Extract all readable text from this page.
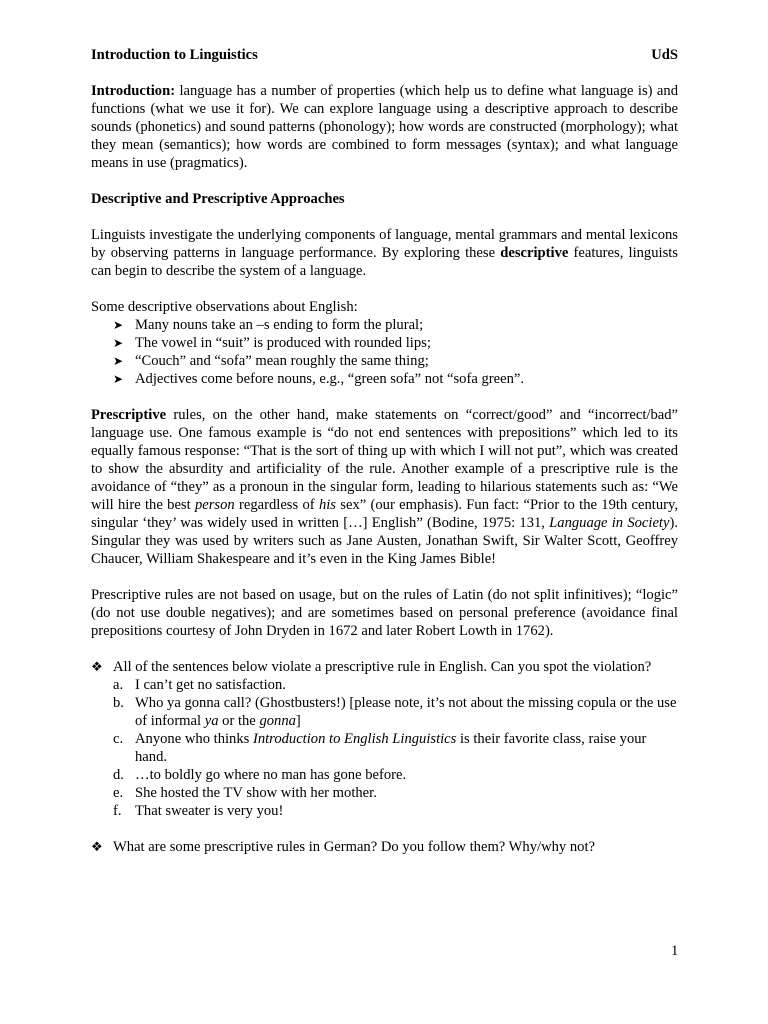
Introduction to Linguistics	UdS

Introduction: language has a number of properties (which help us to define what language is) and functions (what we use it for). We can explore language using a descriptive approach to describe sounds (phonetics) and sound patterns (phonology); how words are constructed (morphology); what they mean (semantics); how words are combined to form messages (syntax); and what language means in use (pragmatics).

Descriptive and Prescriptive Approaches

Linguists investigate the underlying components of language, mental grammars and mental lexicons by observing patterns in language performance. By exploring these descriptive features, linguists can begin to describe the system of a language.

Some descriptive observations about English:

➤ Many nouns take an –s ending to form the plural;
➤ The vowel in “suit” is produced with rounded lips;
➤ “Couch” and “sofa” mean roughly the same thing;
➤ Adjectives come before nouns, e.g., “green sofa” not “sofa green”.

Prescriptive rules, on the other hand, make statements on “correct/good” and “incorrect/bad” language use. One famous example is “do not end sentences with prepositions” which led to its equally famous response: “That is the sort of thing up with which I will not put”, which was created to show the absurdity and artificiality of the rule. Another example of a prescriptive rule is the avoidance of “they” as a pronoun in the singular form, leading to hilarious statements such as: “We will hire the best person regardless of his sex” (our emphasis). Fun fact: “Prior to the 19th century, singular ‘they’ was widely used in written […] English” (Bodine, 1975: 131, Language in Society). Singular they was used by writers such as Jane Austen, Jonathan Swift, Sir Walter Scott, Geoffrey Chaucer, William Shakespeare and it’s even in the King James Bible!

Prescriptive rules are not based on usage, but on the rules of Latin (do not split infinitives); “logic” (do not use double negatives); and are sometimes based on personal preference (avoidance final prepositions courtesy of John Dryden in 1672 and later Robert Lowth in 1762).

❖ All of the sentences below violate a prescriptive rule in English. Can you spot the violation?
a. I can’t get no satisfaction.
b. Who ya gonna call? (Ghostbusters!) [please note, it’s not about the missing copula or the use of informal ya or the gonna]
c. Anyone who thinks Introduction to English Linguistics is their favorite class, raise your hand.
d. …to boldly go where no man has gone before.
e. She hosted the TV show with her mother.
f. That sweater is very you!
❖ What are some prescriptive rules in German? Do you follow them? Why/why not?
1
